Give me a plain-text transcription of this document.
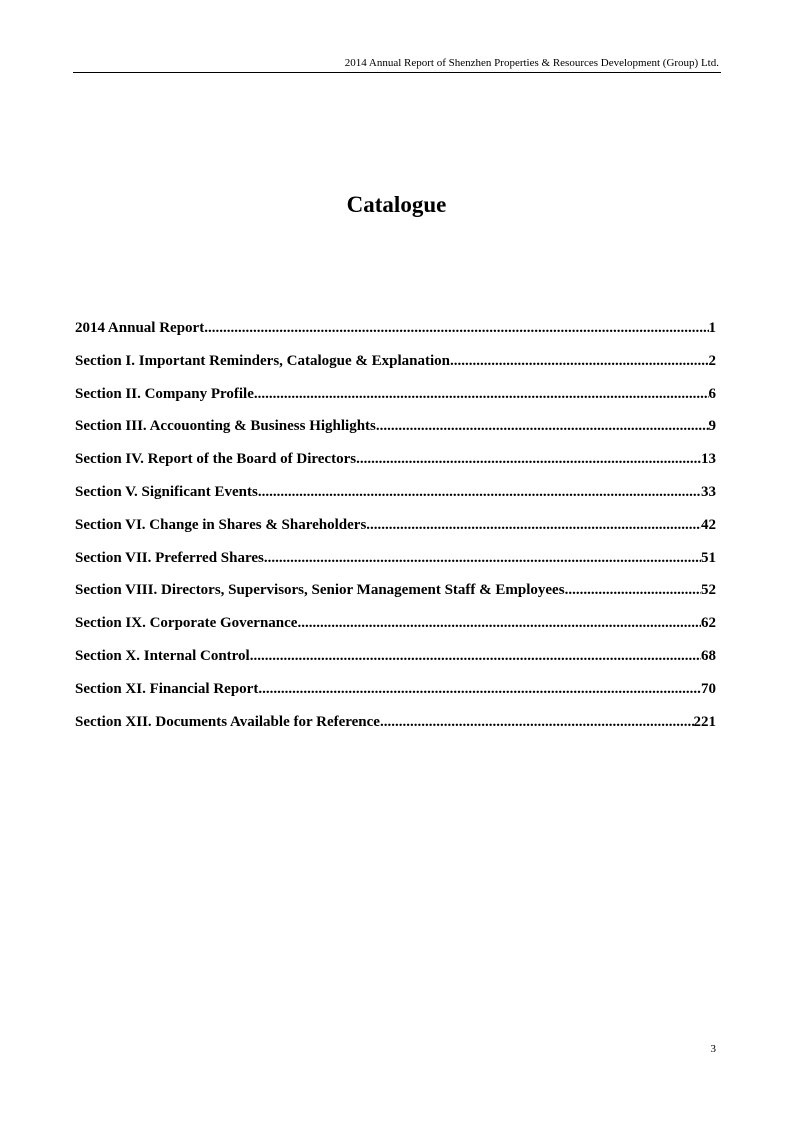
2014 Annual Report of Shenzhen Properties & Resources Development (Group) Ltd.
Catalogue
2014 Annual Report .....	1
Section I. Important Reminders, Catalogue & Explanation .....	2
Section II. Company Profile .....	6
Section III. Accouonting & Business Highlights .....	9
Section IV. Report of the Board of Directors .....	13
Section V. Significant Events .....	33
Section VI. Change in Shares & Shareholders .....	42
Section VII. Preferred Shares .....	51
Section VIII. Directors, Supervisors, Senior Management Staff & Employees .....	52
Section IX. Corporate Governance .....	62
Section X. Internal Control .....	68
Section XI. Financial Report .....	70
Section XII. Documents Available for Reference .....	221
3
